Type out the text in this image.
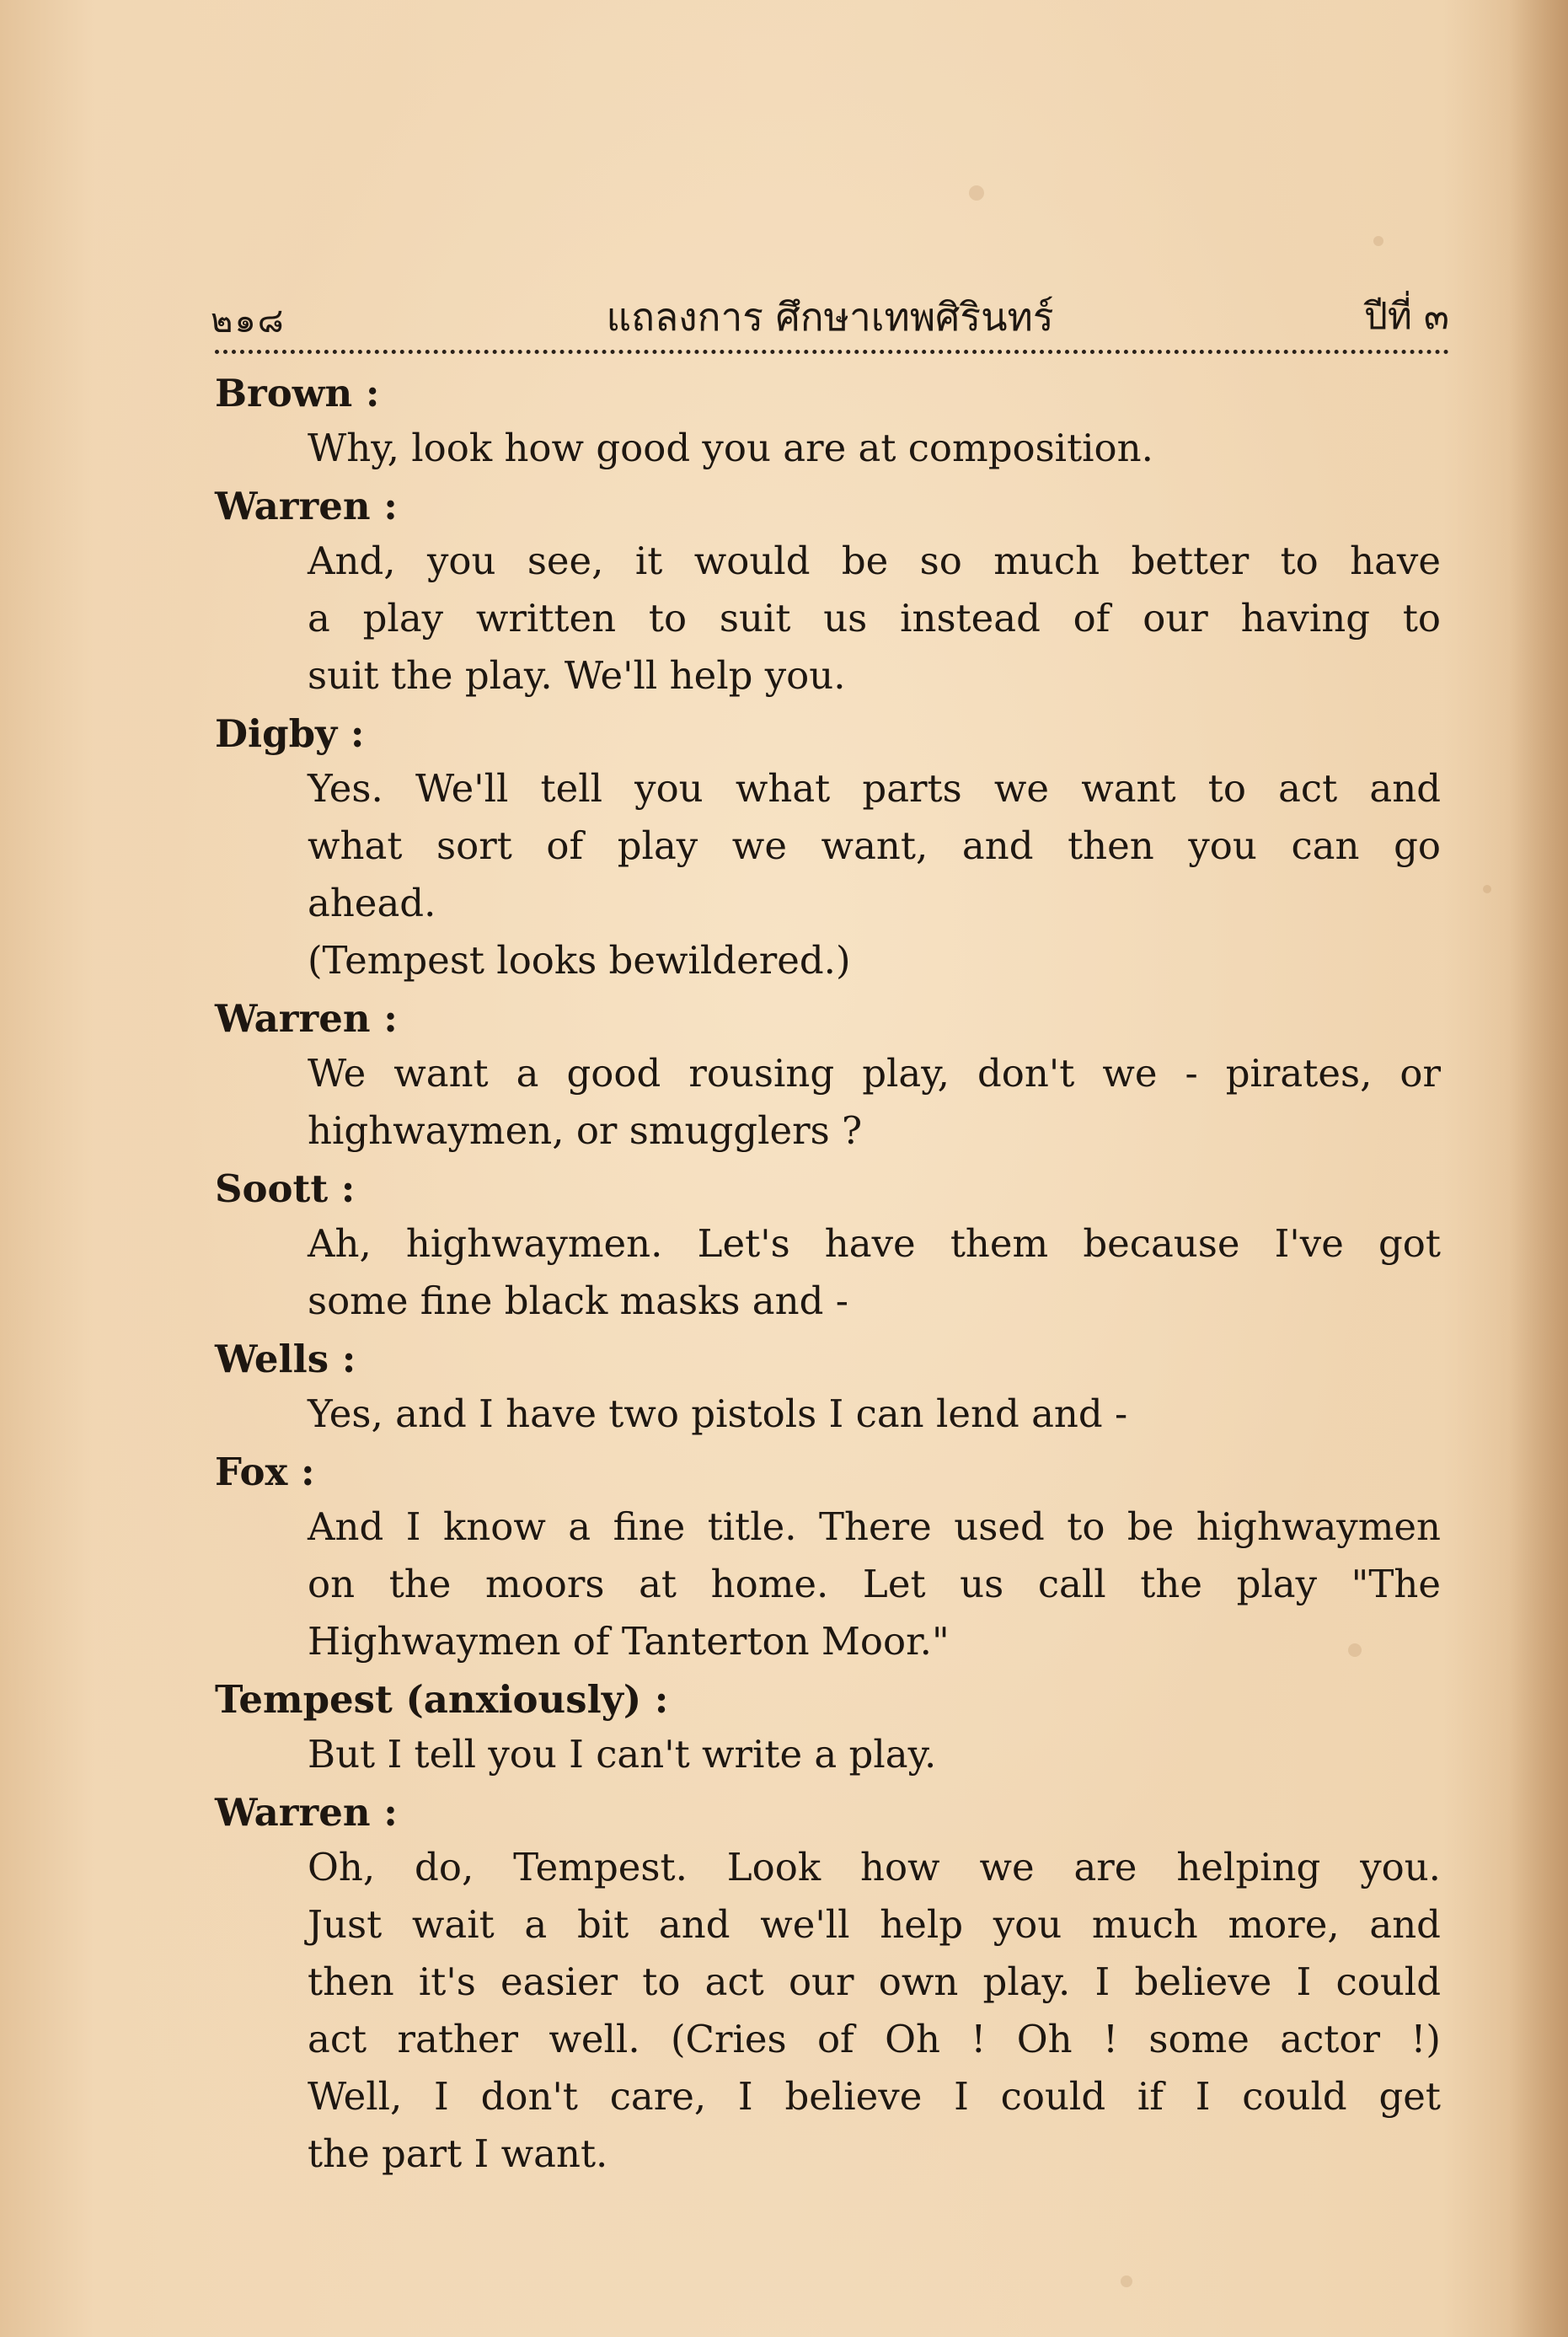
๒๑๘	แถลงการ ศึกษาเทพศิรินทร์	ปีที่ ๓
Brown :
Why, look how good you are at composition.
Warren :
And, you see, it would be so much better to have
a play written to suit us instead of our having to
suit the play. We'll help you.
Digby :
Yes. We'll tell you what parts we want to act and
what sort of play we want, and then you can go
ahead.
(Tempest looks bewildered.)
Warren :
We want a good rousing play, don't we - pirates, or
highwaymen, or smugglers ?
Soott :
Ah, highwaymen. Let's have them because I've got
some fine black masks and -
Wells :
Yes, and I have two pistols I can lend and -
Fox :
And I know a fine title. There used to be highwaymen
on the moors at home. Let us call the play "The
Highwaymen of Tanterton Moor."
Tempest (anxiously) :
But I tell you I can't write a play.
Warren :
Oh, do, Tempest. Look how we are helping you.
Just wait a bit and we'll help you much more, and
then it's easier to act our own play. I believe I could
act rather well. (Cries of Oh ! Oh ! some actor !)
Well, I don't care, I believe I could if I could get
the part I want.
